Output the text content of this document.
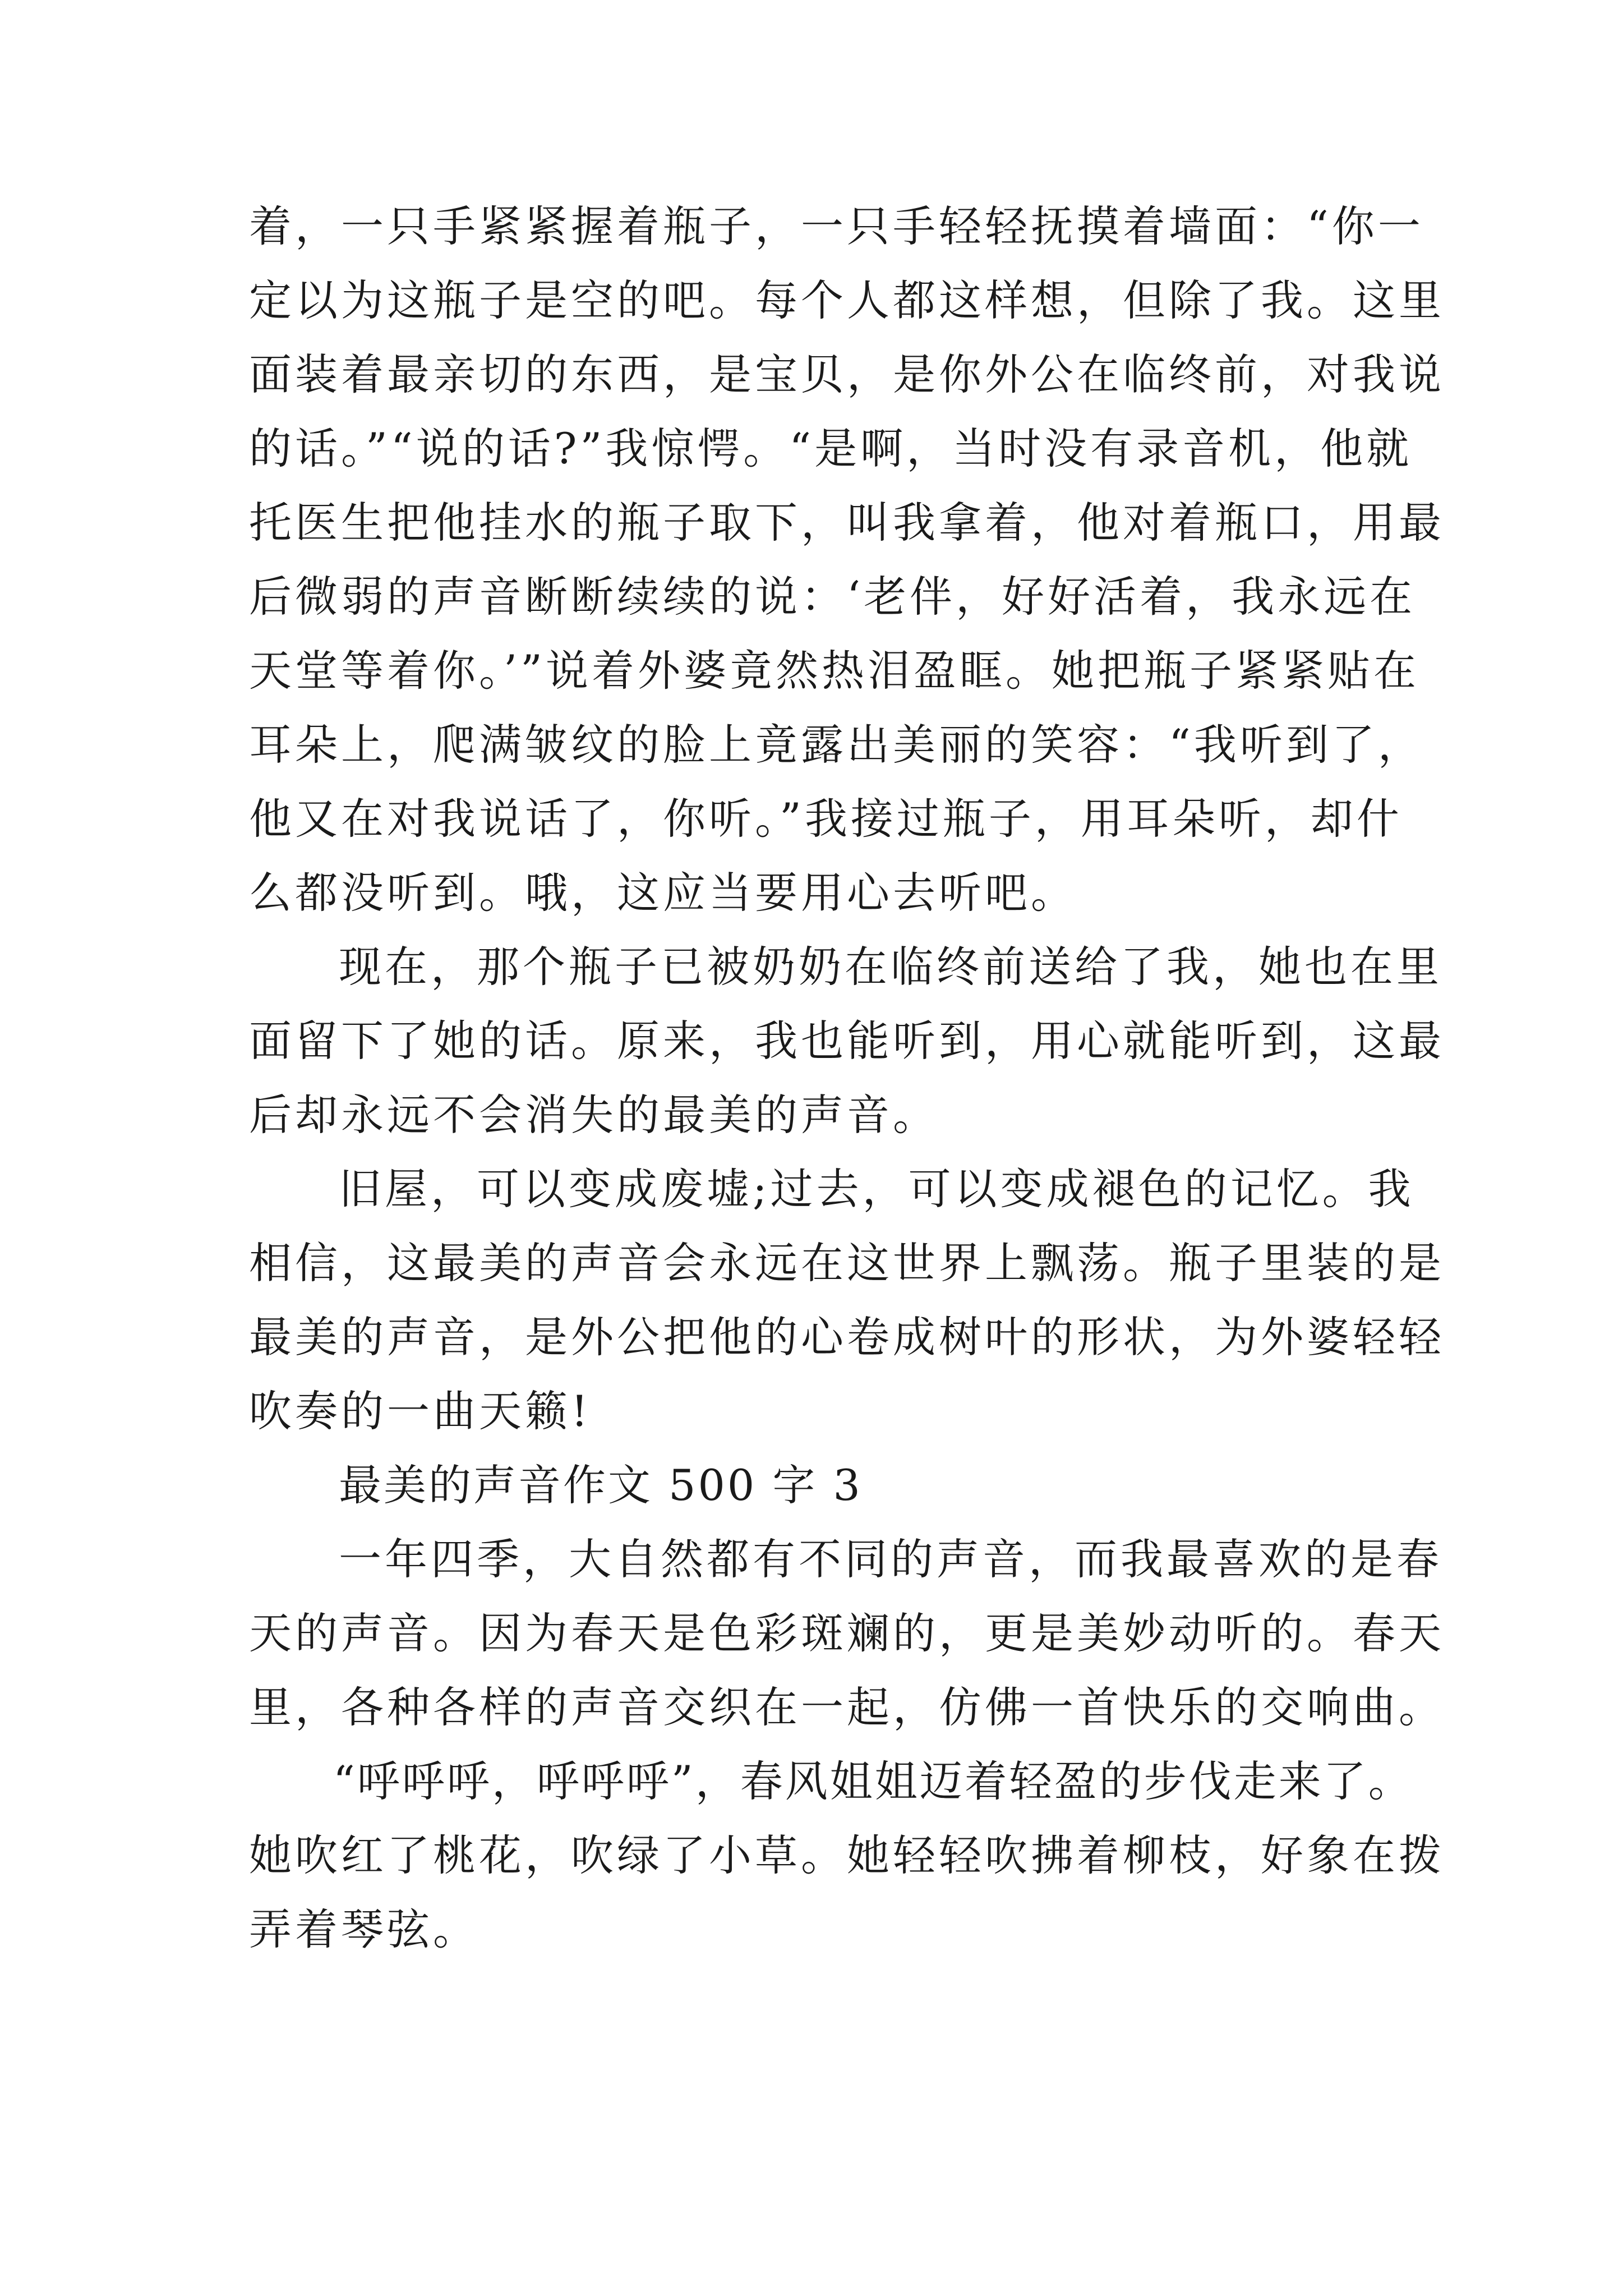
着，一只手紧紧握着瓶子，一只手轻轻抚摸着墙面：“你一
定以为这瓶子是空的吧。每个人都这样想，但除了我。这里
面装着最亲切的东西，是宝贝，是你外公在临终前，对我说
的话。”“说的话?”我惊愕。“是啊，当时没有录音机，他就
托医生把他挂水的瓶子取下，叫我拿着，他对着瓶口，用最
后微弱的声音断断续续的说：‘老伴，好好活着，我永远在
天堂等着你。’”说着外婆竟然热泪盈眶。她把瓶子紧紧贴在
耳朵上，爬满皱纹的脸上竟露出美丽的笑容：“我听到了，
他又在对我说话了，你听。”我接过瓶子，用耳朵听，却什
么都没听到。哦，这应当要用心去听吧。
现在，那个瓶子已被奶奶在临终前送给了我，她也在里
面留下了她的话。原来，我也能听到，用心就能听到，这最
后却永远不会消失的最美的声音。
旧屋，可以变成废墟;过去，可以变成褪色的记忆。我
相信，这最美的声音会永远在这世界上飘荡。瓶子里装的是
最美的声音，是外公把他的心卷成树叶的形状，为外婆轻轻
吹奏的一曲天籁!
最美的声音作文 500 字 3
一年四季，大自然都有不同的声音，而我最喜欢的是春
天的声音。因为春天是色彩斑斓的，更是美妙动听的。春天
里，各种各样的声音交织在一起，仿佛一首快乐的交响曲。
“呼呼呼，呼呼呼”，春风姐姐迈着轻盈的步伐走来了。
她吹红了桃花，吹绿了小草。她轻轻吹拂着柳枝，好象在拨
弄着琴弦。
